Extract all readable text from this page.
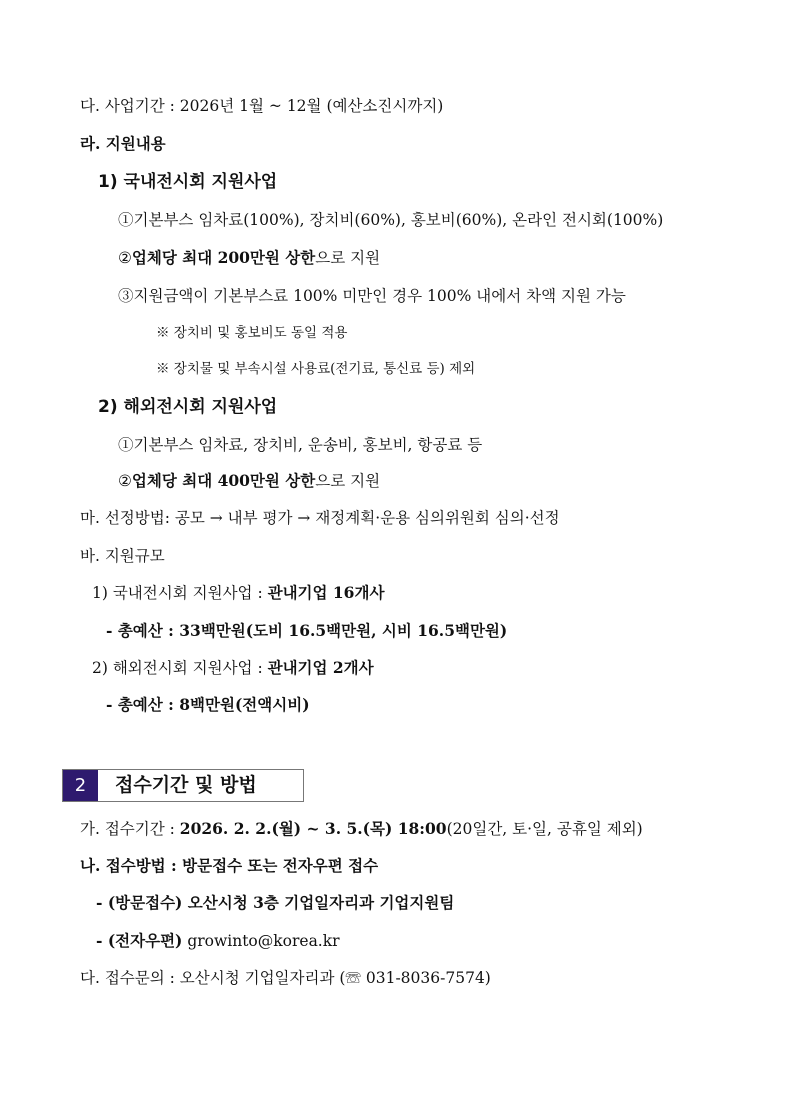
다. 사업기간 : 2026년 1월 ~ 12월 (예산소진시까지)
라. 지원내용
1) 국내전시회 지원사업
①기본부스 임차료(100%), 장치비(60%), 홍보비(60%), 온라인 전시회(100%)
②업체당 최대 200만원 상한으로 지원
③지원금액이 기본부스료 100% 미만인 경우 100% 내에서 차액 지원 가능
※ 장치비 및 홍보비도 동일 적용
※ 장치물 및 부속시설 사용료(전기료, 통신료 등) 제외
2) 해외전시회 지원사업
①기본부스 임차료, 장치비, 운송비, 홍보비, 항공료 등
②업체당 최대 400만원 상한으로 지원
마. 선정방법: 공모 → 내부 평가 → 재정계획·운용 심의위원회 심의·선정
바. 지원규모
1) 국내전시회 지원사업 : 관내기업 16개사
- 총예산 : 33백만원(도비 16.5백만원, 시비 16.5백만원)
2) 해외전시회 지원사업 : 관내기업 2개사
- 총예산 : 8백만원(전액시비)
2	접수기간 및 방법
가. 접수기간 : 2026. 2. 2.(월) ~ 3. 5.(목) 18:00(20일간, 토·일, 공휴일 제외)
나. 접수방법 : 방문접수 또는 전자우편 접수
- (방문접수) 오산시청 3층 기업일자리과 기업지원팀
- (전자우편) growinto@korea.kr
다. 접수문의 : 오산시청 기업일자리과 (☏ 031-8036-7574)
